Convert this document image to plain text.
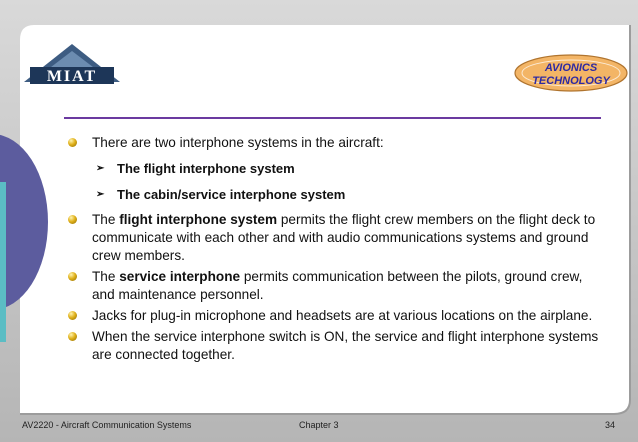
MIAT	AVIONICS
TECHNOLOGY
There are two interphone systems in the aircraft:
➢ The flight interphone system
➢ The cabin/service interphone system
The flight interphone system permits the flight crew members on the flight deck to communicate with each other and with audio communications systems and ground crew members.
The service interphone permits communication between the pilots, ground crew, and maintenance personnel.
Jacks for plug-in microphone and headsets are at various locations on the airplane.
When the service interphone switch is ON, the service and flight interphone systems are connected together.
AV2220 - Aircraft Communication Systems	Chapter 3	34
